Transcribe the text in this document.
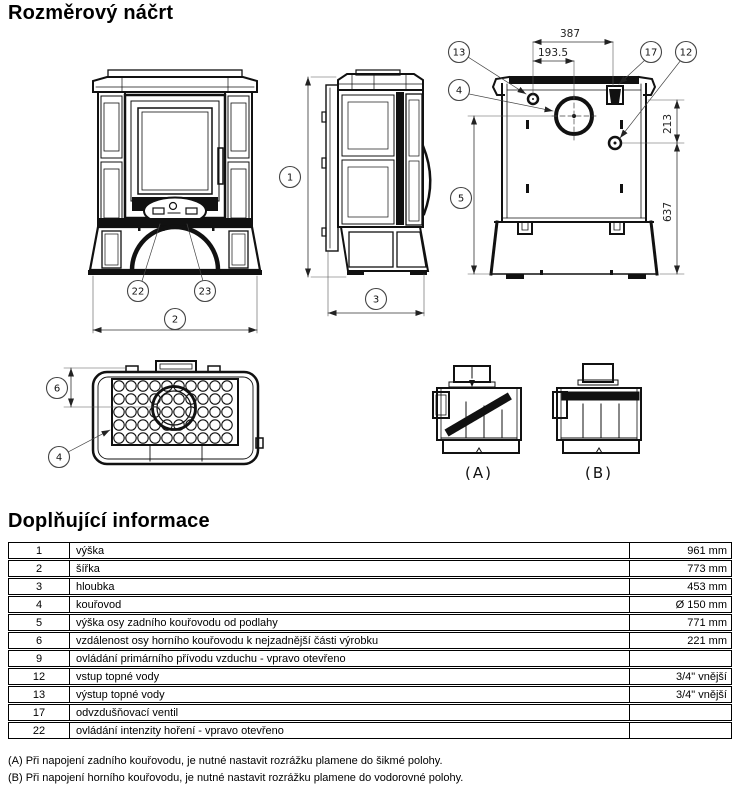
Rozměrový náčrt
2
22	23
1
3
387
193.5
213
637
5
13
4
17 12
6
4
(A)	(B)
Doplňující informace
1	výška	961 mm
2	šířka	773 mm
3	hloubka	453 mm
4	kouřovod	Ø 150 mm
5	výška osy zadního kouřovodu od podlahy	771 mm
6	vzdálenost osy horního kouřovodu k nejzadnější části výrobku	221 mm
9	ovládání primárního přívodu vzduchu - vpravo otevřeno
12	vstup topné vody	3/4" vnější
13	výstup topné vody	3/4" vnější
17	odvzdušňovací ventil
22	ovládání intenzity hoření - vpravo otevřeno
(A) Při napojení zadního kouřovodu, je nutné nastavit rozrážku plamene do šikmé polohy.
(B) Při napojení horního kouřovodu, je nutné nastavit rozrážku plamene do vodorovné polohy.
